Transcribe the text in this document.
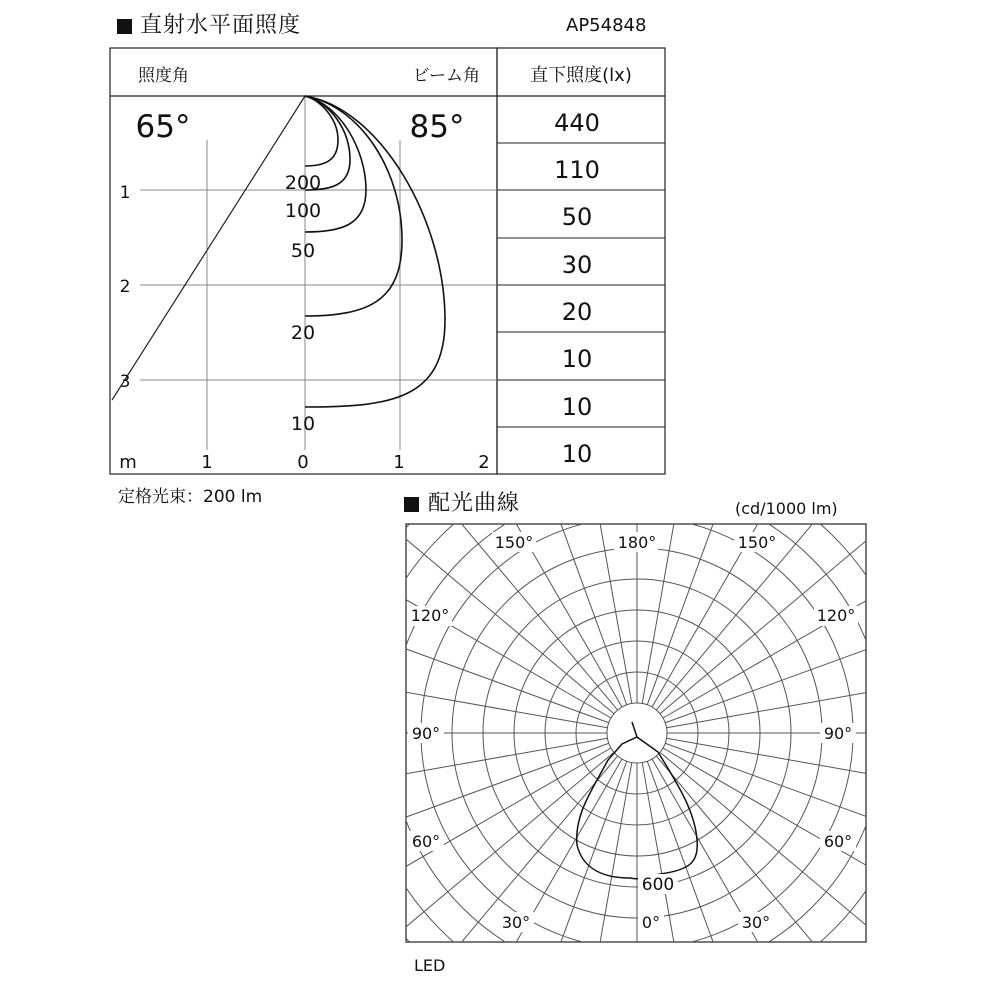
直射水平面照度	AP54848
照度角	ビーム角	直下照度(lx)
65°	85°
1
2
3
m	1	0	1	2
200
100
50
20
10
440
110
50
30
20
10
10
10
定格光束：200 lm	配光曲線	(cd/1000 lm)
150°	180°	150°
120°	120°
90°	90°
60°	60°
30°	0°	30°
600
LED
